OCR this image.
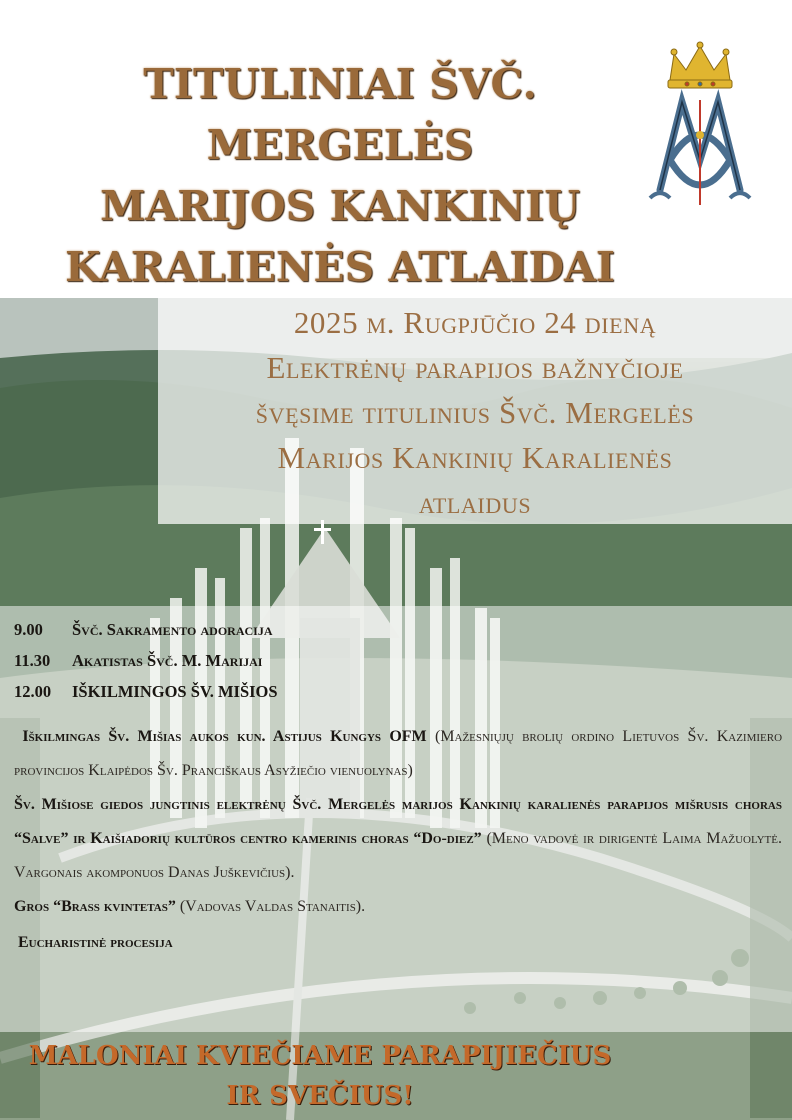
TITULINIAI ŠVČ. MERGELĖS
MARIJOS KANKINIŲ
KARALIENĖS ATLAIDAI

2025 m. Rugpjūčio 24 dieną
Elektrėnų parapijos bažnyčioje
švęsime titulinius Švč. Mergelės
Marijos Kankinių Karalienės
atlaidus

9.00 Švč. Sakramento adoracija
11.30 Akatistas Švč. M. Marijai
12.00 IŠKILMINGOS ŠV. MIŠIOS

Iškilmingas Šv. Mišias aukos kun. Astijus Kungys OFM (Mažesniųjų brolių ordino Lietuvos Šv. Kazimiero provincijos Klaipėdos Šv. Pranciškaus Asyžiečio vienuolynas)

Šv. Mišiose giedos jungtinis elektrėnų Švč. Mergelės marijos Kankinių karalienės parapijos mišrusis choras “Salve” ir Kaišiadorių kultūros centro kamerinis choras “Do-diez” (Meno vadovė ir dirigentė Laima Mažuolytė. Vargonais akomponuos Danas Juškevičius).

Gros “Brass kvintetas” (Vadovas Valdas Stanaitis).

Eucharistinė procesija

MALONIAI KVIEČIAME PARAPIJIEČIUS
IR SVEČIUS!
